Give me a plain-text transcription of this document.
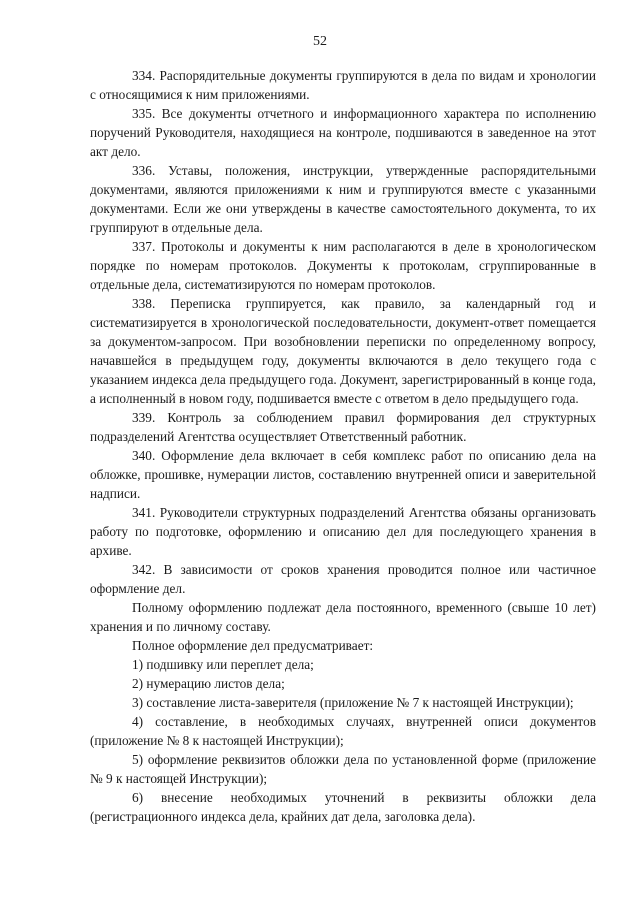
52

334. Распорядительные документы группируются в дела по видам и хронологии с относящимися к ним приложениями.

335. Все документы отчетного и информационного характера по исполнению поручений Руководителя, находящиеся на контроле, подшиваются в заведенное на этот акт дело.

336. Уставы, положения, инструкции, утвержденные распорядительными документами, являются приложениями к ним и группируются вместе с указанными документами. Если же они утверждены в качестве самостоятельного документа, то их группируют в отдельные дела.

337. Протоколы и документы к ним располагаются в деле в хронологическом порядке по номерам протоколов. Документы к протоколам, сгруппированные в отдельные дела, систематизируются по номерам протоколов.

338. Переписка группируется, как правило, за календарный год и систематизируется в хронологической последовательности, документ-ответ помещается за документом-запросом. При возобновлении переписки по определенному вопросу, начавшейся в предыдущем году, документы включаются в дело текущего года с указанием индекса дела предыдущего года. Документ, зарегистрированный в конце года, а исполненный в новом году, подшивается вместе с ответом в дело предыдущего года.

339. Контроль за соблюдением правил формирования дел структурных подразделений Агентства осуществляет Ответственный работник.

340. Оформление дела включает в себя комплекс работ по описанию дела на обложке, прошивке, нумерации листов, составлению внутренней описи и заверительной надписи.

341. Руководители структурных подразделений Агентства обязаны организовать работу по подготовке, оформлению и описанию дел для последующего хранения в архиве.

342. В зависимости от сроков хранения проводится полное или частичное оформление дел.

Полному оформлению подлежат дела постоянного, временного (свыше 10 лет) хранения и по личному составу.

Полное оформление дел предусматривает:

1) подшивку или переплет дела;

2) нумерацию листов дела;

3) составление листа-заверителя (приложение № 7 к настоящей Инструкции);

4) составление, в необходимых случаях, внутренней описи документов (приложение № 8 к настоящей Инструкции);

5) оформление реквизитов обложки дела по установленной форме (приложение № 9 к настоящей Инструкции);

6) внесение необходимых уточнений в реквизиты обложки дела (регистрационного индекса дела, крайних дат дела, заголовка дела).
